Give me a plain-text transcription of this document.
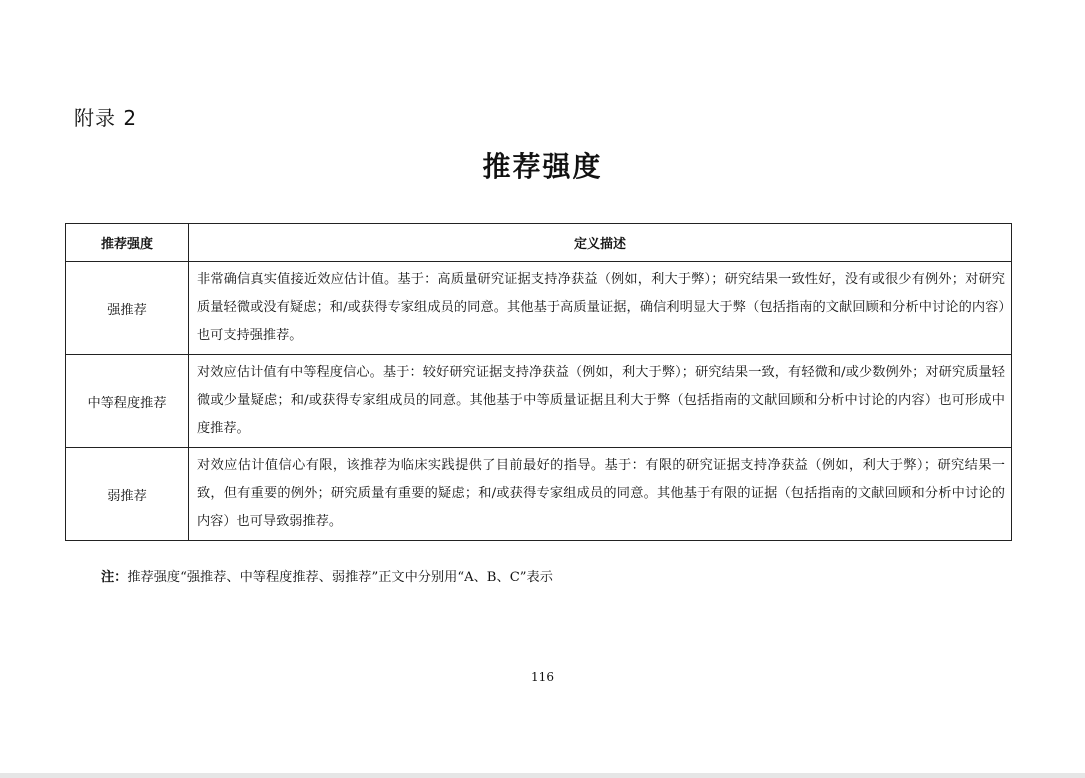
附录 2
推荐强度
推荐强度	定义描述
强推荐	非常确信真实值接近效应估计值。基于：高质量研究证据支持净获益（例如，利大于弊）；研究结果一致性好，没有或很少有例外；对研究质量轻微或没有疑虑；和/或获得专家组成员的同意。其他基于高质量证据，确信利明显大于弊（包括指南的文献回顾和分析中讨论的内容）也可支持强推荐。
中等程度推荐	对效应估计值有中等程度信心。基于：较好研究证据支持净获益（例如，利大于弊）；研究结果一致，有轻微和/或少数例外；对研究质量轻微或少量疑虑；和/或获得专家组成员的同意。其他基于中等质量证据且利大于弊（包括指南的文献回顾和分析中讨论的内容）也可形成中度推荐。
弱推荐	对效应估计值信心有限，该推荐为临床实践提供了目前最好的指导。基于：有限的研究证据支持净获益（例如，利大于弊）；研究结果一致，但有重要的例外；研究质量有重要的疑虑；和/或获得专家组成员的同意。其他基于有限的证据（包括指南的文献回顾和分析中讨论的内容）也可导致弱推荐。
注：推荐强度“强推荐、中等程度推荐、弱推荐”正文中分别用“A、B、C”表示
116
